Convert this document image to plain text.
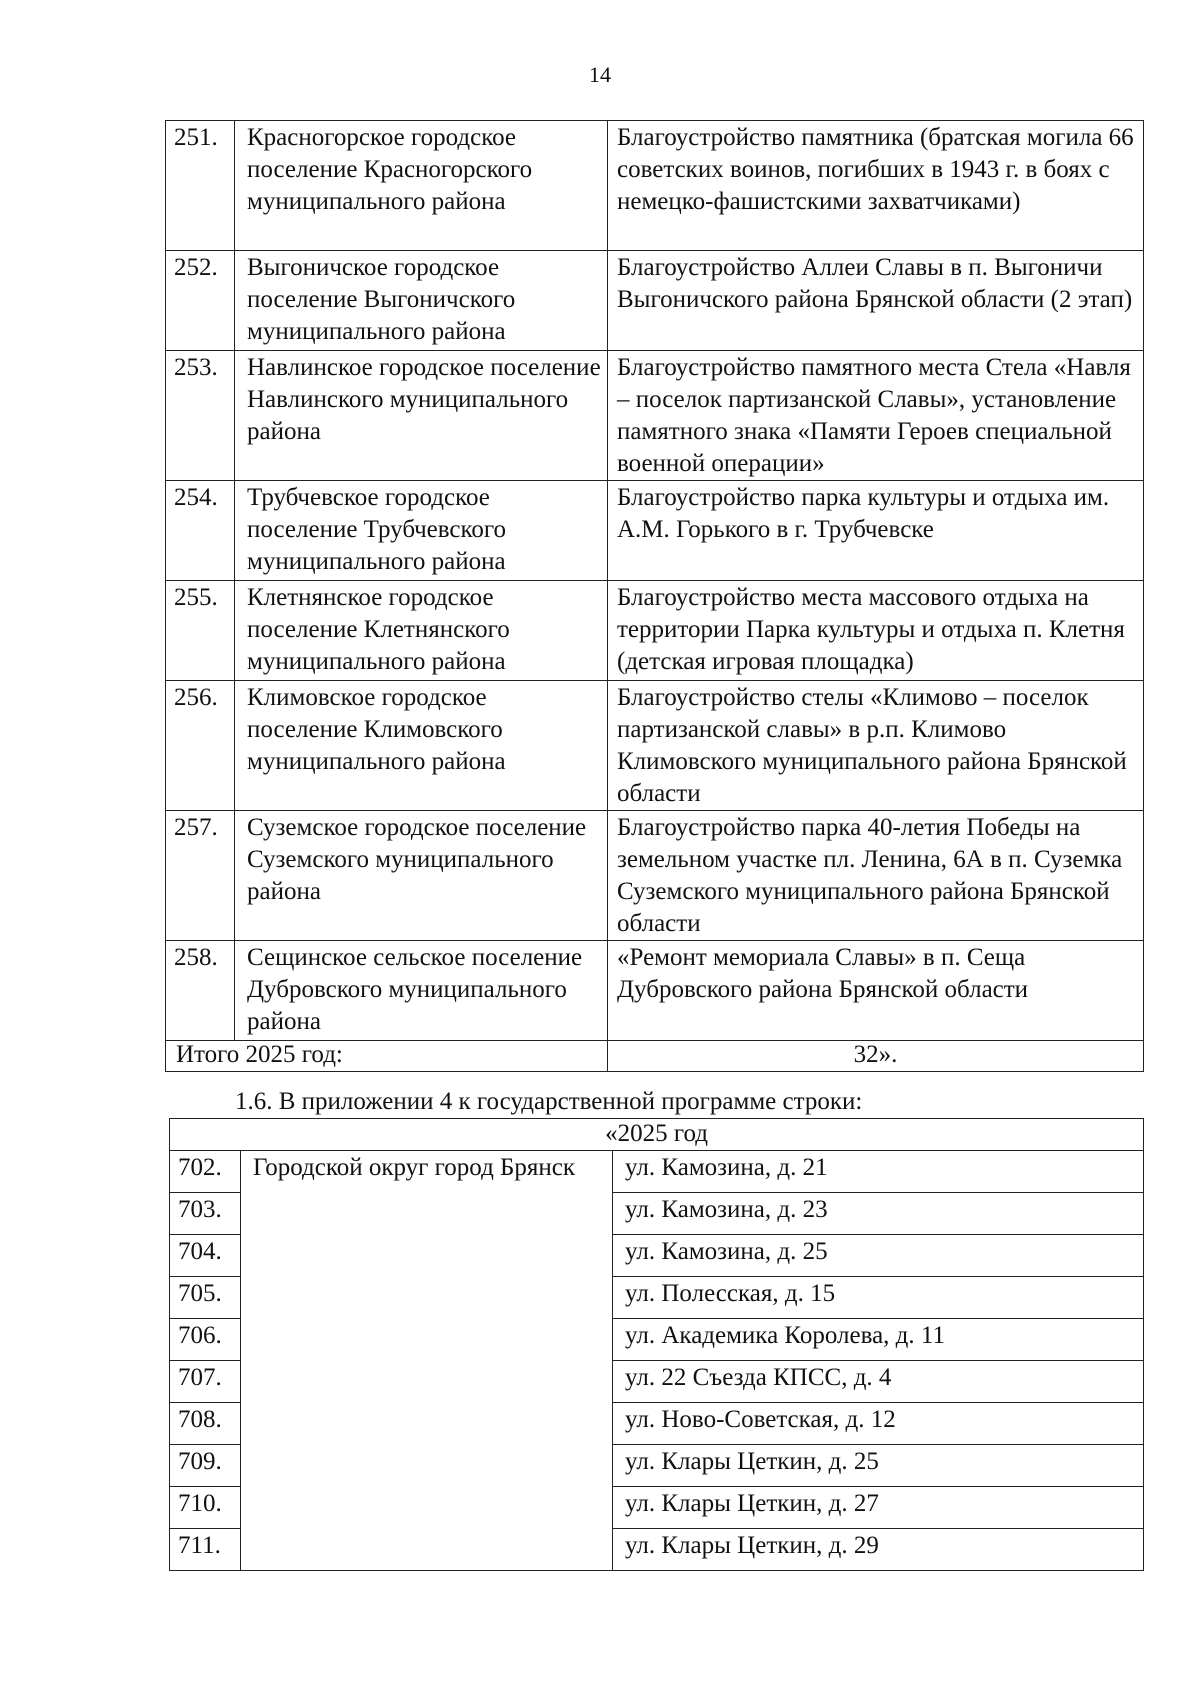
14
251.	Красногорское городское поселение Красногорского муниципального района	Благоустройство памятника (братская могила 66 советских воинов, погибших в 1943 г. в боях с немецко-фашистскими захватчиками)
252.	Выгоничское городское поселение Выгоничского муниципального района	Благоустройство Аллеи Славы в п. Выгоничи Выгоничского района Брянской области (2 этап)
253.	Навлинское городское поселение Навлинского муниципального района	Благоустройство памятного места Стела «Навля – поселок партизанской Славы», установление памятного знака «Памяти Героев специальной военной операции»
254.	Трубчевское городское поселение Трубчевского муниципального района	Благоустройство парка культуры и отдыха им. А.М. Горького в г. Трубчевске
255.	Клетнянское городское поселение Клетнянского муниципального района	Благоустройство места массового отдыха на территории Парка культуры и отдыха п. Клетня (детская игровая площадка)
256.	Климовское городское поселение Климовского муниципального района	Благоустройство стелы «Климово – поселок партизанской славы» в р.п. Климово Климовского муниципального района Брянской области
257.	Суземское городское поселение Суземского муниципального района	Благоустройство парка 40-летия Победы на земельном участке пл. Ленина, 6А в п. Суземка Суземского муниципального района Брянской области
258.	Сещинское сельское поселение Дубровского муниципального района	«Ремонт мемориала Славы» в п. Сеща Дубровского района Брянской области
Итого 2025 год:		32».
1.6. В приложении 4 к государственной программе строки:
«2025 год		
702.	Городской округ город Брянск	ул. Камозина, д. 21
703.		ул. Камозина, д. 23
704.		ул. Камозина, д. 25
705.		ул. Полесская, д. 15
706.		ул. Академика Королева, д. 11
707.		ул. 22 Съезда КПСС, д. 4
708.		ул. Ново-Советская, д. 12
709.		ул. Клары Цеткин, д. 25
710.		ул. Клары Цеткин, д. 27
711.		ул. Клары Цеткин, д. 29
